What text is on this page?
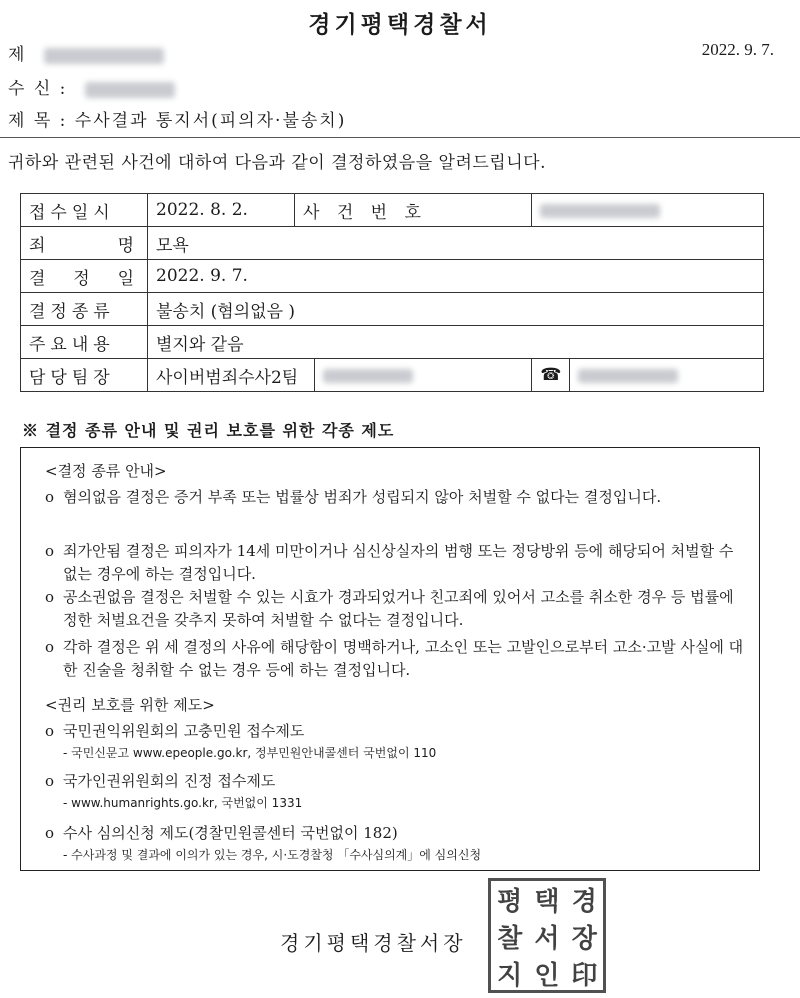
경기평택경찰서
제	2022. 9. 7.
수 신 :
제 목 : 수사결과 통지서(피의자·불송치)
귀하와 관련된 사건에 대하여 다음과 같이 결정하였음을 알려드립니다.
접수일시	2022. 8. 2.	사 건 번 호			
죄 명	모욕				
결 정 일	2022. 9. 7.				
결정종류	불송치 (혐의없음 )				
주요내용	별지와 같음				
담당팀장	사이버범죄수사2팀			☎	
※ 결정 종류 안내 및 권리 보호를 위한 각종 제도
<결정 종류 안내>
o 혐의없음 결정은 증거 부족 또는 법률상 범죄가 성립되지 않아 처벌할 수 없다는 결정입니다.
o 죄가안됨 결정은 피의자가 14세 미만이거나 심신상실자의 범행 또는 정당방위 등에 해당되어 처벌할 수 없는 경우에 하는 결정입니다.
o 공소권없음 결정은 처벌할 수 있는 시효가 경과되었거나 친고죄에 있어서 고소를 취소한 경우 등 법률에 정한 처벌요건을 갖추지 못하여 처벌할 수 없다는 결정입니다.
o 각하 결정은 위 세 결정의 사유에 해당함이 명백하거나, 고소인 또는 고발인으로부터 고소·고발 사실에 대한 진술을 청취할 수 없는 경우 등에 하는 결정입니다.
<권리 보호를 위한 제도>
o 국민권익위원회의 고충민원 접수제도
- 국민신문고 www.epeople.go.kr, 정부민원안내콜센터 국번없이 110
o 국가인권위원회의 진정 접수제도
- www.humanrights.go.kr, 국번없이 1331
o 수사 심의신청 제도(경찰민원콜센터 국번없이 182)
- 수사과정 및 결과에 이의가 있는 경우, 시·도경찰청 「수사심의계」에 심의신청
경기평택경찰서장
평 택 경
찰 서 장
지 인 印
